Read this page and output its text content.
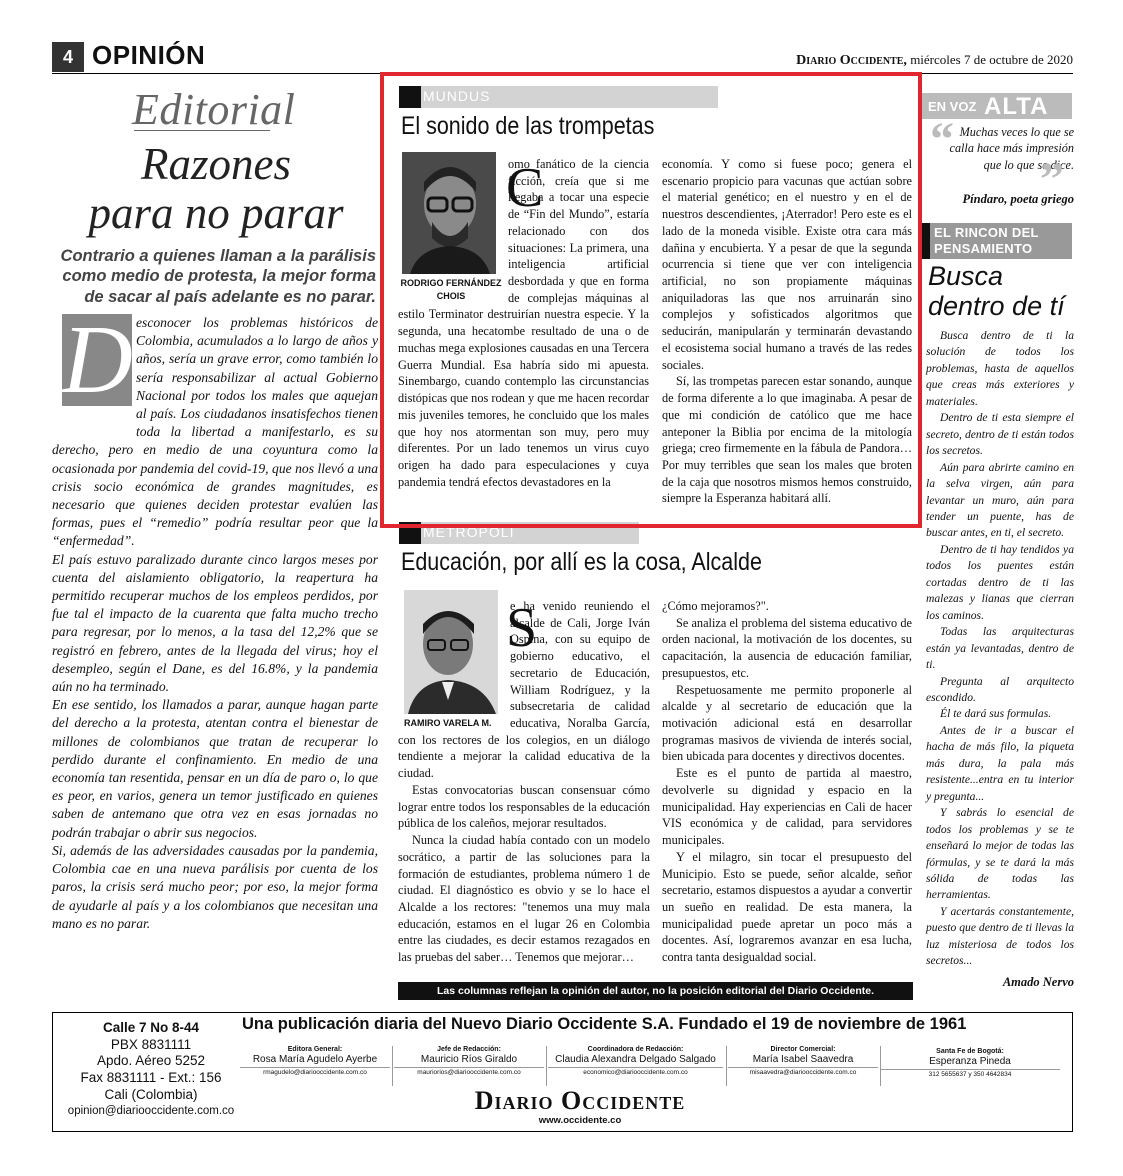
4 OPINIÓN	Diario Occidente, miércoles 7 de octubre de 2020
Editorial
Razones
para no parar
Contrario a quienes llaman a la parálisis como medio de protesta, la mejor forma de sacar al país adelante es no parar.

esconocer los problemas históricos de Colombia, acumulados a lo largo de años y años, sería un grave error, como también lo sería responsabilizar al actual Gobierno Nacional por todos los males que aquejan al país. Los ciudadanos insatisfechos tienen toda la libertad a manifestarlo, es su derecho, pero en medio de una coyuntura como la ocasionada por pandemia del covid-19, que nos llevó a una crisis socio económica de grandes magnitudes, es necesario que quienes deciden protestar evalúen las formas, pues el “remedio” podría resultar peor que la “enfermedad”.

El país estuvo paralizado durante cinco largos meses por cuenta del aislamiento obligatorio, la reapertura ha permitido recuperar muchos de los empleos perdidos, por fue tal el impacto de la cuarenta que falta mucho trecho para regresar, por lo menos, a la tasa del 12,2% que se registró en febrero, antes de la llegada del virus; hoy el desempleo, según el Dane, es del 16.8%, y la pandemia aún no ha terminado.

En ese sentido, los llamados a parar, aunque hagan parte del derecho a la protesta, atentan contra el bienestar de millones de colombianos que tratan de recuperar lo perdido durante el confinamiento. En medio de una economía tan resentida, pensar en un día de paro o, lo que es peor, en varios, genera un temor justificado en quienes saben de antemano que otra vez en esas jornadas no podrán trabajar o abrir sus negocios.

Si, además de las adversidades causadas por la pandemia, Colombia cae en una nueva parálisis por cuenta de los paros, la crisis será mucho peor; por eso, la mejor forma de ayudarle al país y a los colombianos que necesitan una mano es no parar.

D
MUNDUS
El sonido de las trompetas
RODRIGO FERNÁNDEZ CHOIS

omo fanático de la ciencia ficción, creía que si me llegaba a tocar una especie de “Fin del Mundo”, estaría relacionado con dos situaciones: La primera, una inteligencia artificial desbordada y que en forma de complejas máquinas al estilo Terminator destruirían nuestra especie. Y la segunda, una hecatombe resultado de una o de muchas mega explosiones causadas en una Tercera Guerra Mundial. Esa habría sido mi apuesta. Sinembargo, cuando contemplo las circunstancias distópicas que nos rodean y que me hacen recordar mis juveniles temores, he concluido que los males que hoy nos atormentan son muy, pero muy diferentes. Por un lado tenemos un virus cuyo origen ha dado para especulaciones y cuya pandemia tendrá efectos devastadores en la

C	economía. Y como si fuese poco; genera el escenario propicio para vacunas que actúan sobre el material genético; en el nuestro y en el de nuestros descendientes, ¡Aterrador! Pero este es el lado de la moneda visible. Existe otra cara más dañina y encubierta. Y a pesar de que la segunda ocurrencia si tiene que ver con inteligencia artificial, no son propiamente máquinas aniquiladoras las que nos arruinarán sino complejos y sofisticados algoritmos que seducirán, manipularán y terminarán devastando el ecosistema social humano a través de las redes sociales.

Sí, las trompetas parecen estar sonando, aunque de forma diferente a lo que imaginaba. A pesar de que mi condición de católico que me hace anteponer la Biblia por encima de la mitología griega; creo firmemente en la fábula de Pandora… Por muy terribles que sean los males que broten de la caja que nosotros mismos hemos construido, siempre la Esperanza habitará allí.

METRÓPOLI
Educación, por allí es la cosa, Alcalde
RAMIRO VARELA M.

e ha venido reuniendo el alcalde de Cali, Jorge Iván Ospina, con su equipo de gobierno educativo, el secretario de Educación, William Rodríguez, y la subsecretaria de calidad educativa, Noralba García, con los rectores de los colegios, en un diálogo tendiente a mejorar la calidad educativa de la ciudad.

Estas convocatorias buscan consensuar cómo lograr entre todos los responsables de la educación pública de los caleños, mejorar resultados.

Nunca la ciudad había contado con un modelo socrático, a partir de las soluciones para la formación de estudiantes, problema número 1 de ciudad. El diagnóstico es obvio y se lo hace el Alcalde a los rectores: "tenemos una muy mala educación, estamos en el lugar 26 en Colombia entre las ciudades, es decir estamos rezagados en las pruebas del saber… Tenemos que mejorar…

S	¿Cómo mejoramos?".

Se analiza el problema del sistema educativo de orden nacional, la motivación de los docentes, su capacitación, la ausencia de educación familiar, presupuestos, etc.

Respetuosamente me permito proponerle al alcalde y al secretario de educación que la motivación adicional está en desarrollar programas masivos de vivienda de interés social, bien ubicada para docentes y directivos docentes.

Este es el punto de partida al maestro, devolverle su dignidad y espacio en la municipalidad. Hay experiencias en Cali de hacer VIS económica y de calidad, para servidores municipales.

Y el milagro, sin tocar el presupuesto del Municipio. Esto se puede, señor alcalde, señor secretario, estamos dispuestos a ayudar a convertir un sueño en realidad. De esta manera, la municipalidad puede apretar un poco más a docentes. Así, lograremos avanzar en esa lucha, contra tanta desigualdad social.

Las columnas reflejan la opinión del autor, no la posición editorial del Diario Occidente.
EN VOZ ALTA
“ Muchas veces lo que se calla hace más impresión que lo que se dice.
”
Píndaro, poeta griego
EL RINCON DEL
PENSAMIENTO
Busca
dentro de tí

Busca dentro de ti la solución de todos los problemas, hasta de aquellos que creas más exteriores y materiales.

Dentro de ti esta siempre el secreto, dentro de ti están todos los secretos.

Aún para abrirte camino en la selva virgen, aún para levantar un muro, aún para tender un puente, has de buscar antes, en ti, el secreto.

Dentro de ti hay tendidos ya todos los puentes están cortadas dentro de ti las malezas y lianas que cierran los caminos.

Todas las arquitecturas están ya levantadas, dentro de ti.

Pregunta al arquitecto escondido.

Él te dará sus formulas.

Antes de ir a buscar el hacha de más filo, la piqueta más dura, la pala más resistente...entra en tu interior y pregunta...

Y sabrás lo esencial de todos los problemas y se te enseñará lo mejor de todas las fórmulas, y se te dará la más sólida de todas las herramientas.

Y acertarás constantemente, puesto que dentro de ti llevas la luz misteriosa de todos los secretos...

Amado Nervo
Calle 7 No 8-44
PBX 8831111
Apdo. Aéreo 5252
Fax 8831111 - Ext.: 156
Cali (Colombia)
opinion@diariooccidente.com.co
Una publicación diaria del Nuevo Diario Occidente S.A. Fundado el 19 de noviembre de 1961
Editora General:
Rosa María Agudelo Ayerbe
rmagudelo@diariooccidente.com.co
Jefe de Redacción:
Mauricio Ríos Giraldo
mauriorios@diariooccidente.com.co
Coordinadora de Redacción:
Claudia Alexandra Delgado Salgado
economico@diariooccidente.com.co
Director Comercial:
María Isabel Saavedra
misaavedra@diariooccidente.com.co
Santa Fe de Bogotá:
Esperanza Pineda
312 5655637 y 350 4642834
Diario Occidente
www.occidente.co
